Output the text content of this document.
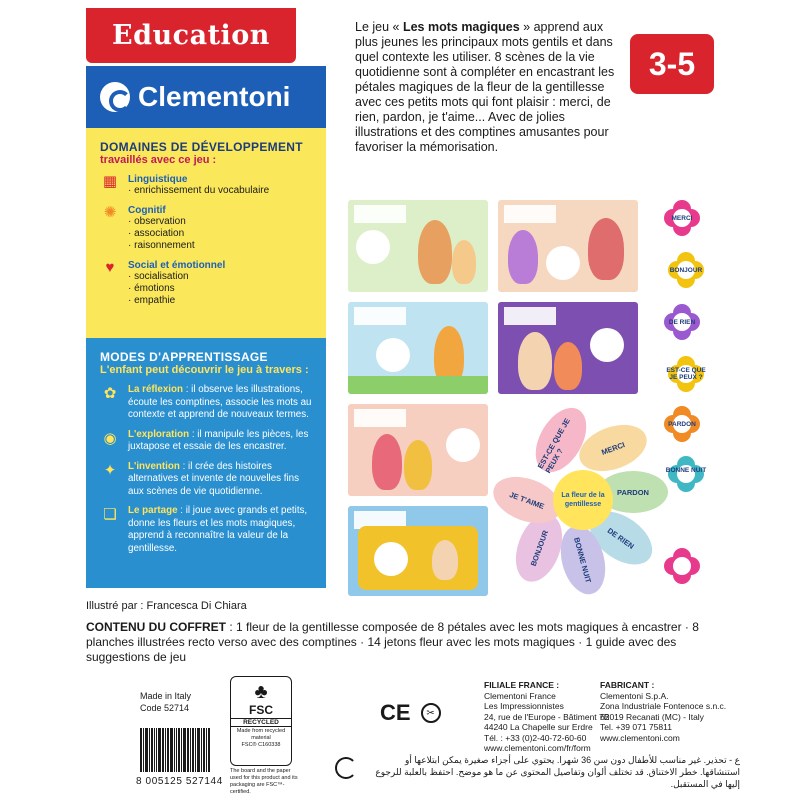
Education
Clementoni
DOMAINES DE DÉVELOPPEMENT
travaillés avec ce jeu :
▦ Linguistique
· enrichissement du vocabulaire
✺	Cognitif
· observation
· association
· raisonnement
♥	Social et émotionnel
· socialisation
· émotions
· empathie
MODES D'APPRENTISSAGE
L'enfant peut découvrir le jeu à travers :
✿	La réflexion : il observe les illustrations, écoute les comptines, associe les mots au contexte et apprend de nouveaux termes.

◉	L'exploration : il manipule les pièces, les juxtapose et essaie de les encastrer.

✦	L'invention : il crée des histoires alternatives et invente de nouvelles fins aux scènes de vie quotidienne.

❏	Le partage : il joue avec grands et petits, donne les fleurs et les mots magiques, apprend à reconnaître la valeur de la gentillesse.

Le jeu « Les mots magiques » apprend aux plus jeunes les principaux mots gentils et dans quel contexte les utiliser. 8 scènes de la vie quotidienne sont à compléter en encastrant les pétales magiques de la fleur de la gentillesse avec ces petits mots qui font plaisir : merci, de rien, pardon, je t'aime... Avec de jolies illustrations et des comptines amusantes pour favoriser la mémorisation.
3-5
MERCI
BONJOUR
DE RIEN
EST-CE QUE JE PEUX ?
PARDON
BONNE NUIT
EST-CE QUE JE PEUX ?	MERCI
PARDON
DE RIEN
BONNE NUIT
BONJOUR
JE T'AIME	La fleur de la gentillesse
Illustré par : Francesca Di Chiara
CONTENU DU COFFRET : 1 fleur de la gentillesse composée de 8 pétales avec les mots magiques à encastrer · 8 planches illustrées recto verso avec des comptines · 14 jetons fleur avec les mots magiques · 1 guide avec des suggestions de jeu
Made in Italy
Code 52714
8 005125 527144
♣
FSC
RECYCLED
Made from recycled material
FSC® C160338
The board and the paper used for this product and its packaging are FSC™-certified.
CE	✂
FILIALE FRANCE :
Clementoni France
Les Impressionnistes
24, rue de l'Europe - Bâtiment 7B
44240 La Chapelle sur Erdre
Tél. : +33 (0)2-40-72-60-60
www.clementoni.com/fr/form
FABRICANT :
Clementoni S.p.A.
Zona Industriale Fontenoce s.n.c.
62019 Recanati (MC) - Italy
Tel. +39 071 75811
www.clementoni.com
ع - تحذير. غير مناسب للأطفال دون سن 36 شهرا. يحتوي على أجزاء صغيرة يمكن ابتلاعها أو استنشاقها. خطر الاختناق. قد تختلف ألوان وتفاصيل المحتوى عن ما هو موضح. احتفظ بالعلبة للرجوع إليها في المستقبل.
